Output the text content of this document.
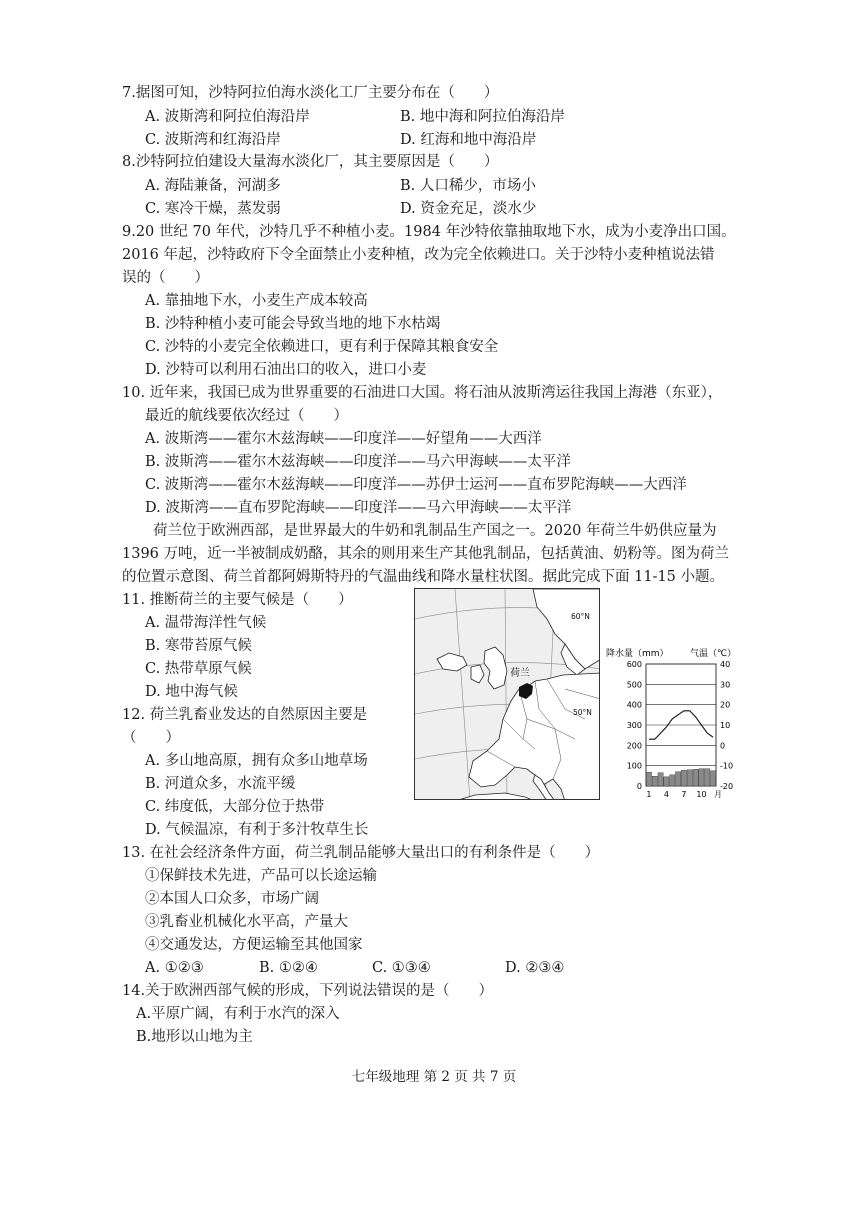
7.据图可知，沙特阿拉伯海水淡化工厂主要分布在（　　）
A. 波斯湾和阿拉伯海沿岸	B. 地中海和阿拉伯海沿岸
C. 波斯湾和红海沿岸	D. 红海和地中海沿岸
8.沙特阿拉伯建设大量海水淡化厂，其主要原因是（　　）
A. 海陆兼备，河湖多	B. 人口稀少，市场小
C. 寒冷干燥，蒸发弱	D. 资金充足，淡水少
9.20 世纪 70 年代，沙特几乎不种植小麦。1984 年沙特依靠抽取地下水，成为小麦净出口国。
2016 年起，沙特政府下令全面禁止小麦种植，改为完全依赖进口。关于沙特小麦种植说法错
误的（　　）
A. 靠抽地下水，小麦生产成本较高
B. 沙特种植小麦可能会导致当地的地下水枯竭
C. 沙特的小麦完全依赖进口，更有利于保障其粮食安全
D. 沙特可以利用石油出口的收入，进口小麦
10. 近年来，我国已成为世界重要的石油进口大国。将石油从波斯湾运往我国上海港（东亚），
最近的航线要依次经过（　　）
A. 波斯湾——霍尔木兹海峡——印度洋——好望角——大西洋
B. 波斯湾——霍尔木兹海峡——印度洋——马六甲海峡——太平洋
C. 波斯湾——霍尔木兹海峡——印度洋——苏伊士运河——直布罗陀海峡——大西洋
D. 波斯湾——直布罗陀海峡——印度洋——马六甲海峡——太平洋
荷兰位于欧洲西部，是世界最大的牛奶和乳制品生产国之一。2020 年荷兰牛奶供应量为
1396 万吨，近一半被制成奶酪，其余的则用来生产其他乳制品，包括黄油、奶粉等。图为荷兰
的位置示意图、荷兰首都阿姆斯特丹的气温曲线和降水量柱状图。据此完成下面 11-15 小题。
11. 推断荷兰的主要气候是（　　）
A. 温带海洋性气候
B. 寒带苔原气候
C. 热带草原气候
D. 地中海气候
12. 荷兰乳畜业发达的自然原因主要是
（　　）
A. 多山地高原，拥有众多山地草场
B. 河道众多，水流平缓
C. 纬度低，大部分位于热带
D. 气候温凉，有利于多汁牧草生长
13. 在社会经济条件方面，荷兰乳制品能够大量出口的有利条件是（　　）
①保鲜技术先进，产品可以长途运输
②本国人口众多，市场广阔
③乳畜业机械化水平高，产量大
④交通发达，方便运输至其他国家
A. ①②③	B. ①②④	C. ①③④	D. ②③④
14.关于欧洲西部气候的形成，下列说法错误的是（　　）
A.平原广阔，有利于水汽的深入
B.地形以山地为主
七年级地理 第 2 页 共 7 页
荷兰
60°N
50°N
降水量（mm） 气温（℃）
600
500
400
300
200
100
0
40
30
20
10
0
-10
-20
1 4 7 10 月
